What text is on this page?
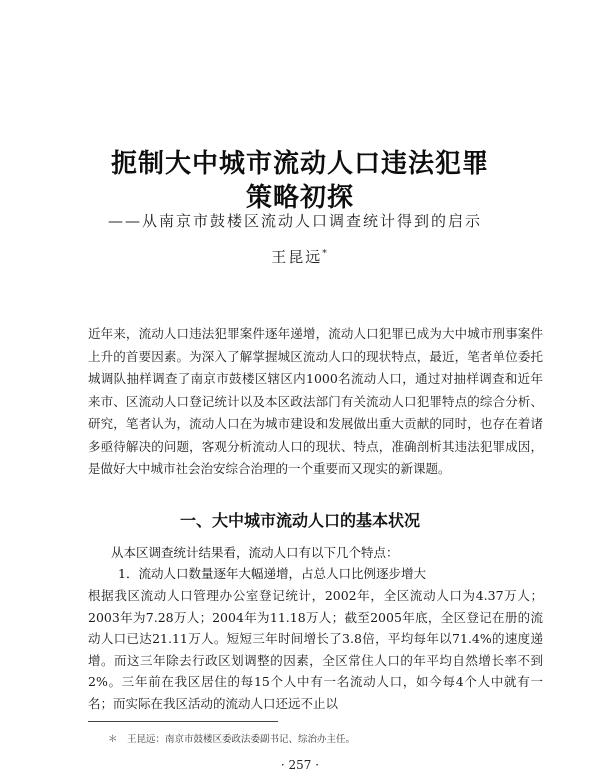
扼制大中城市流动人口违法犯罪
策略初探
——从南京市鼓楼区流动人口调查统计得到的启示
王昆远*

近年来，流动人口违法犯罪案件逐年递增，流动人口犯罪已成为大中城市刑事案件上升的首要因素。为深入了解掌握城区流动人口的现状特点，最近，笔者单位委托城调队抽样调查了南京市鼓楼区辖区内1000名流动人口，通过对抽样调查和近年来市、区流动人口登记统计以及本区政法部门有关流动人口犯罪特点的综合分析、研究，笔者认为，流动人口在为城市建设和发展做出重大贡献的同时，也存在着诸多亟待解决的问题，客观分析流动人口的现状、特点，准确剖析其违法犯罪成因，是做好大中城市社会治安综合治理的一个重要而又现实的新课题。

一、大中城市流动人口的基本状况

从本区调查统计结果看，流动人口有以下几个特点：

1．流动人口数量逐年大幅递增，占总人口比例逐步增大

根据我区流动人口管理办公室登记统计，2002年，全区流动人口为4.37万人；2003年为7.28万人；2004年为11.18万人；截至2005年底，全区登记在册的流动人口已达21.11万人。短短三年时间增长了3.8倍，平均每年以71.4%的速度递增。而这三年除去行政区划调整的因素，全区常住人口的年平均自然增长率不到2%。三年前在我区居住的每15个人中有一名流动人口，如今每4个人中就有一名；而实际在我区活动的流动人口还远不止以

＊　王昆远：南京市鼓楼区委政法委副书记、综治办主任。

· 257 ·
